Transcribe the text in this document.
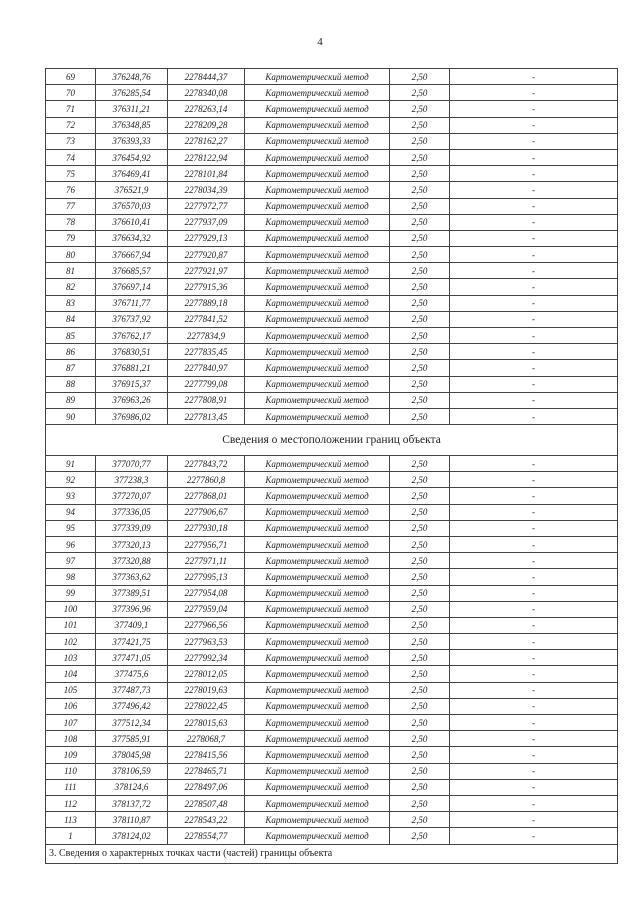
4
69	376248,76	2278444,37	Картометрический метод	2,50	-
70	376285,54	2278340,08	Картометрический метод	2,50	-
71	376311,21	2278263,14	Картометрический метод	2,50	-
72	376348,85	2278209,28	Картометрический метод	2,50	-
73	376393,33	2278162,27	Картометрический метод	2,50	-
74	376454,92	2278122,94	Картометрический метод	2,50	-
75	376469,41	2278101,84	Картометрический метод	2,50	-
76	376521,9	2278034,39	Картометрический метод	2,50	-
77	376570,03	2277972,77	Картометрический метод	2,50	-
78	376610,41	2277937,09	Картометрический метод	2,50	-
79	376634,32	2277929,13	Картометрический метод	2,50	-
80	376667,94	2277920,87	Картометрический метод	2,50	-
81	376685,57	2277921,97	Картометрический метод	2,50	-
82	376697,14	2277915,36	Картометрический метод	2,50	-
83	376711,77	2277889,18	Картометрический метод	2,50	-
84	376737,92	2277841,52	Картометрический метод	2,50	-
85	376762,17	2277834,9	Картометрический метод	2,50	-
86	376830,51	2277835,45	Картометрический метод	2,50	-
87	376881,21	2277840,97	Картометрический метод	2,50	-
88	376915,37	2277799,08	Картометрический метод	2,50	-
89	376963,26	2277808,91	Картометрический метод	2,50	-
90	376986,02	2277813,45	Картометрический метод	2,50	-
Сведения о местоположении границ объекта					
91	377070,77	2277843,72	Картометрический метод	2,50	-
92	377238,3	2277860,8	Картометрический метод	2,50	-
93	377270,07	2277868,01	Картометрический метод	2,50	-
94	377336,05	2277906,67	Картометрический метод	2,50	-
95	377339,09	2277930,18	Картометрический метод	2,50	-
96	377320,13	2277956,71	Картометрический метод	2,50	-
97	377320,88	2277971,11	Картометрический метод	2,50	-
98	377363,62	2277995,13	Картометрический метод	2,50	-
99	377389,51	2277954,08	Картометрический метод	2,50	-
100	377396,96	2277959,04	Картометрический метод	2,50	-
101	377409,1	2277966,56	Картометрический метод	2,50	-
102	377421,75	2277963,53	Картометрический метод	2,50	-
103	377471,05	2277992,34	Картометрический метод	2,50	-
104	377475,6	2278012,05	Картометрический метод	2,50	-
105	377487,73	2278019,63	Картометрический метод	2,50	-
106	377496,42	2278022,45	Картометрический метод	2,50	-
107	377512,34	2278015,63	Картометрический метод	2,50	-
108	377585,91	2278068,7	Картометрический метод	2,50	-
109	378045,98	2278415,56	Картометрический метод	2,50	-
110	378106,59	2278465,71	Картометрический метод	2,50	-
111	378124,6	2278497,06	Картометрический метод	2,50	-
112	378137,72	2278507,48	Картометрический метод	2,50	-
113	378110,87	2278543,22	Картометрический метод	2,50	-
1	378124,02	2278554,77	Картометрический метод	2,50	-
3. Сведения о характерных точках части (частей) границы объекта					
